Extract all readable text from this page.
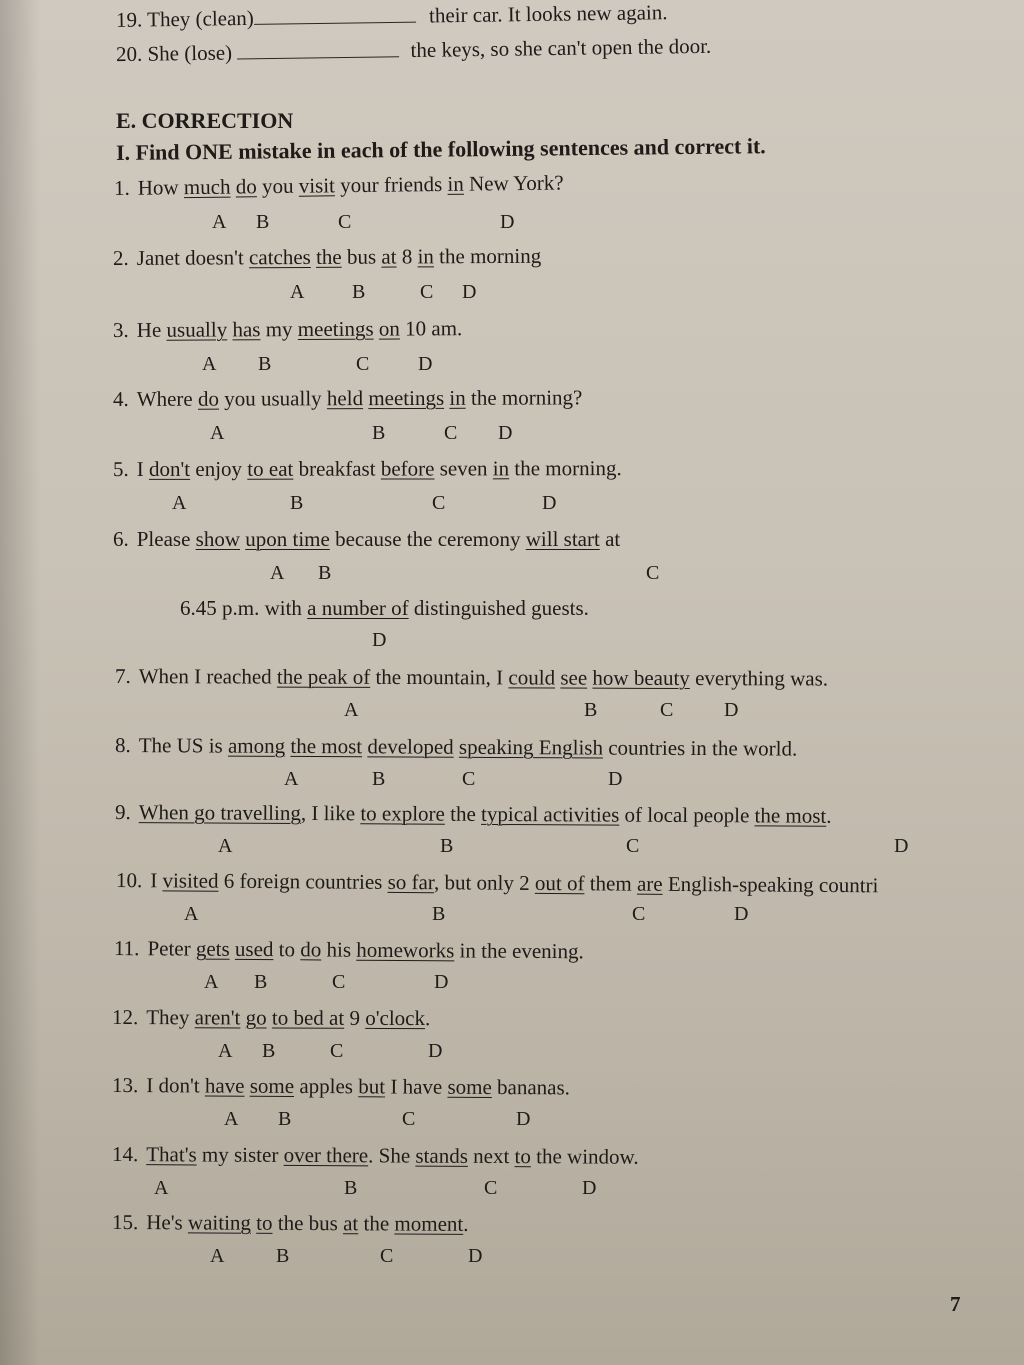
19. They (clean)	their car. It looks new again.
20. She (lose)	the keys, so she can't open the door.
E. CORRECTION
I. Find ONE mistake in each of the following sentences and correct it.
1. How much do you visit your friends in New York?
A B	C	D
2. Janet doesn't catches the bus at 8 in the morning
A B	C D
3. He usually has my meetings on 10 am.
A B	C D
4. Where do you usually held meetings in the morning?
A	B	C D
5. I don't enjoy to eat breakfast before seven in the morning.
A	B	C	D
6. Please show upon time because the ceremony will start at
A B	C
6.45 p.m. with a number of distinguished guests.
D
7. When I reached the peak of the mountain, I could see how beauty everything was.
A	B	C	D
8. The US is among the most developed speaking English countries in the world.
A	B	C	D
9. When go travelling, I like to explore the typical activities of local people the most.
A	B	C	D
10. I visited 6 foreign countries so far, but only 2 out of them are English-speaking countri
A	B	C	D
11. Peter gets used to do his homeworks in the evening.
A B	C	D
12. They aren't go to bed at 9 o'clock.
A B	C	D
13. I don't have some apples but I have some bananas.
A B	C	D
14. That's my sister over there. She stands next to the window.
A	B	C	D
15. He's waiting to the bus at the moment.
A	B	C	D
7
